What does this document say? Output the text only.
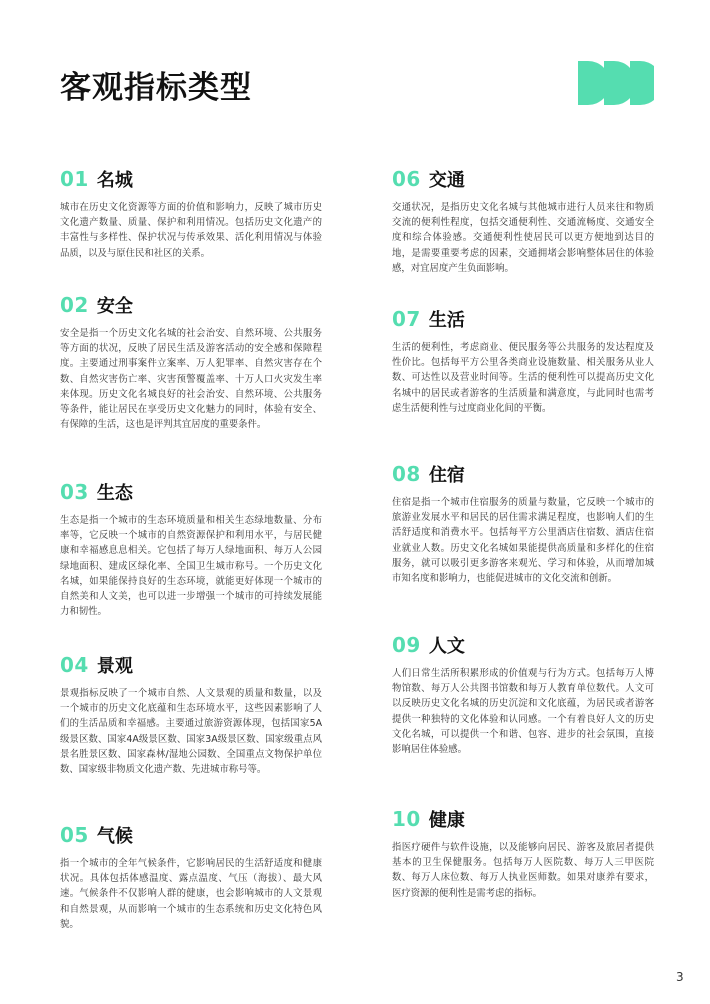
客观指标类型
01 名城

城市在历史文化资源等方面的价值和影响力，反映了城市历史文化遗产数量、质量、保护和利用情况。包括历史文化遗产的丰富性与多样性、保护状况与传承效果、活化利用情况与体验品质，以及与原住民和社区的关系。

02 安全

安全是指一个历史文化名城的社会治安、自然环境、公共服务等方面的状况，反映了居民生活及游客活动的安全感和保障程度。主要通过刑事案件立案率、万人犯罪率、自然灾害存在个数、自然灾害伤亡率、灾害预警覆盖率、十万人口火灾发生率来体现。历史文化名城良好的社会治安、自然环境、公共服务等条件，能让居民在享受历史文化魅力的同时，体验有安全、有保障的生活，这也是评判其宜居度的重要条件。

03 生态

生态是指一个城市的生态环境质量和相关生态绿地数量、分布率等，它反映一个城市的自然资源保护和利用水平，与居民健康和幸福感息息相关。它包括了每万人绿地面积、每万人公园绿地面积、建成区绿化率、全国卫生城市称号。一个历史文化名城，如果能保持良好的生态环境，就能更好体现一个城市的自然美和人文美，也可以进一步增强一个城市的可持续发展能力和韧性。

04 景观

景观指标反映了一个城市自然、人文景观的质量和数量，以及一个城市的历史文化底蕴和生态环境水平，这些因素影响了人们的生活品质和幸福感。主要通过旅游资源体现，包括国家5A级景区数、国家4A级景区数、国家3A级景区数、国家级重点风景名胜景区数、国家森林/湿地公园数、全国重点文物保护单位数、国家级非物质文化遗产数、先进城市称号等。

05 气候

指一个城市的全年气候条件，它影响居民的生活舒适度和健康状况。具体包括体感温度、露点温度、气压（海拔）、最大风速。气候条件不仅影响人群的健康，也会影响城市的人文景观和自然景观，从而影响一个城市的生态系统和历史文化特色风貌。

06 交通

交通状况，是指历史文化名城与其他城市进行人员来往和物质交流的便利性程度，包括交通便利性、交通流畅度、交通安全度和综合体验感。交通便利性使居民可以更方便地到达目的地，是需要重要考虑的因素，交通拥堵会影响整体居住的体验感，对宜居度产生负面影响。

07 生活

生活的便利性，考虑商业、便民服务等公共服务的发达程度及性价比。包括每平方公里各类商业设施数量、相关服务从业人数、可达性以及营业时间等。生活的便利性可以提高历史文化名城中的居民或者游客的生活质量和满意度，与此同时也需考虑生活便利性与过度商业化间的平衡。

08 住宿

住宿是指一个城市住宿服务的质量与数量，它反映一个城市的旅游业发展水平和居民的居住需求满足程度，也影响人们的生活舒适度和消费水平。包括每平方公里酒店住宿数、酒店住宿业就业人数。历史文化名城如果能提供高质量和多样化的住宿服务，就可以吸引更多游客来观光、学习和体验，从而增加城市知名度和影响力，也能促进城市的文化交流和创新。

09 人文

人们日常生活所积累形成的价值观与行为方式。包括每万人博物馆数、每万人公共图书馆数和每万人教育单位数代。人文可以反映历史文化名城的历史沉淀和文化底蕴，为居民或者游客提供一种独特的文化体验和认同感。一个有着良好人文的历史文化名城，可以提供一个和谐、包容、进步的社会氛围，直接影响居住体验感。

10 健康

指医疗硬件与软件设施，以及能够向居民、游客及旅居者提供基本的卫生保健服务。包括每万人医院数、每万人三甲医院数、每万人床位数、每万人执业医师数。如果对康养有要求，医疗资源的便利性是需考虑的指标。

3
